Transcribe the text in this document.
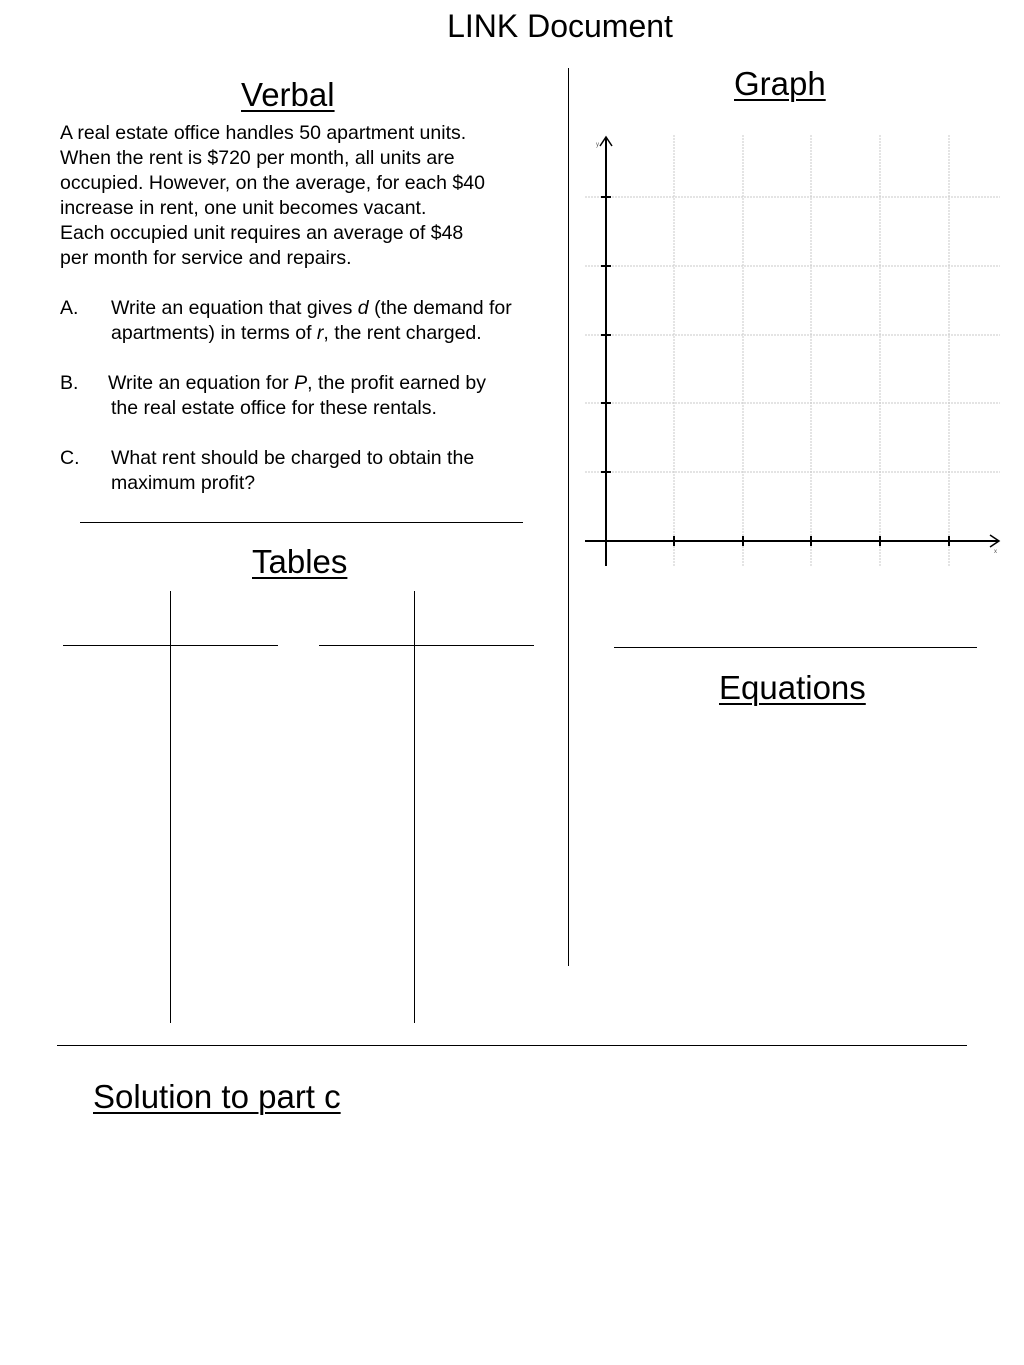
LINK Document
Verbal
A real estate office handles 50 apartment units.
When the rent is $720 per month, all units are
occupied. However, on the average, for each $40
increase in rent, one unit becomes vacant.
Each occupied unit requires an average of $48
per month for service and repairs.
A. Write an equation that gives d (the demand for
apartments) in terms of r, the rent charged.
B. Write an equation for P, the profit earned by
the real estate office for these rentals.
C. What rent should be charged to obtain the
maximum profit?
Tables
Graph
y
x
Equations
Solution to part c
